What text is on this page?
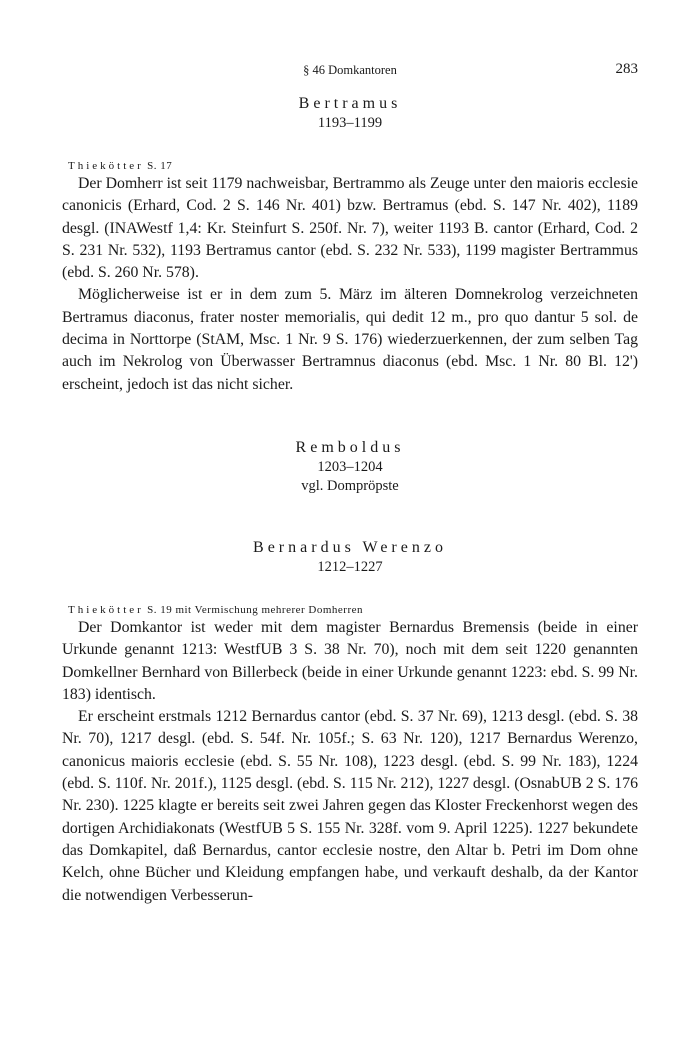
§ 46 Domkantoren	283
Bertramus
1193–1199
Thiekötter S. 17

Der Domherr ist seit 1179 nachweisbar, Bertrammo als Zeuge unter den maioris ecclesie canonicis (Erhard, Cod. 2 S. 146 Nr. 401) bzw. Bertramus (ebd. S. 147 Nr. 402), 1189 desgl. (INAWestf 1,4: Kr. Steinfurt S. 250f. Nr. 7), weiter 1193 B. cantor (Erhard, Cod. 2 S. 231 Nr. 532), 1193 Bertramus cantor (ebd. S. 232 Nr. 533), 1199 magister Bertrammus (ebd. S. 260 Nr. 578).

Möglicherweise ist er in dem zum 5. März im älteren Domnekrolog verzeichneten Bertramus diaconus, frater noster memorialis, qui dedit 12 m., pro quo dantur 5 sol. de decima in Norttorpe (StAM, Msc. 1 Nr. 9 S. 176) wiederzuerkennen, der zum selben Tag auch im Nekrolog von Überwasser Bertramnus diaconus (ebd. Msc. 1 Nr. 80 Bl. 12') erscheint, jedoch ist das nicht sicher.

Remboldus
1203–1204
vgl. Dompröpste
Bernardus Werenzo
1212–1227
Thiekötter S. 19 mit Vermischung mehrerer Domherren

Der Domkantor ist weder mit dem magister Bernardus Bremensis (beide in einer Urkunde genannt 1213: WestfUB 3 S. 38 Nr. 70), noch mit dem seit 1220 genannten Domkellner Bernhard von Billerbeck (beide in einer Urkunde genannt 1223: ebd. S. 99 Nr. 183) identisch.

Er erscheint erstmals 1212 Bernardus cantor (ebd. S. 37 Nr. 69), 1213 desgl. (ebd. S. 38 Nr. 70), 1217 desgl. (ebd. S. 54f. Nr. 105f.; S. 63 Nr. 120), 1217 Bernardus Werenzo, canonicus maioris ecclesie (ebd. S. 55 Nr. 108), 1223 desgl. (ebd. S. 99 Nr. 183), 1224 (ebd. S. 110f. Nr. 201f.), 1125 desgl. (ebd. S. 115 Nr. 212), 1227 desgl. (OsnabUB 2 S. 176 Nr. 230). 1225 klagte er bereits seit zwei Jahren gegen das Kloster Freckenhorst wegen des dortigen Archidiakonats (WestfUB 5 S. 155 Nr. 328f. vom 9. April 1225). 1227 bekundete das Domkapitel, daß Bernardus, cantor ecclesie nostre, den Altar b. Petri im Dom ohne Kelch, ohne Bücher und Kleidung empfangen habe, und verkauft deshalb, da der Kantor die notwendigen Verbesserun-
